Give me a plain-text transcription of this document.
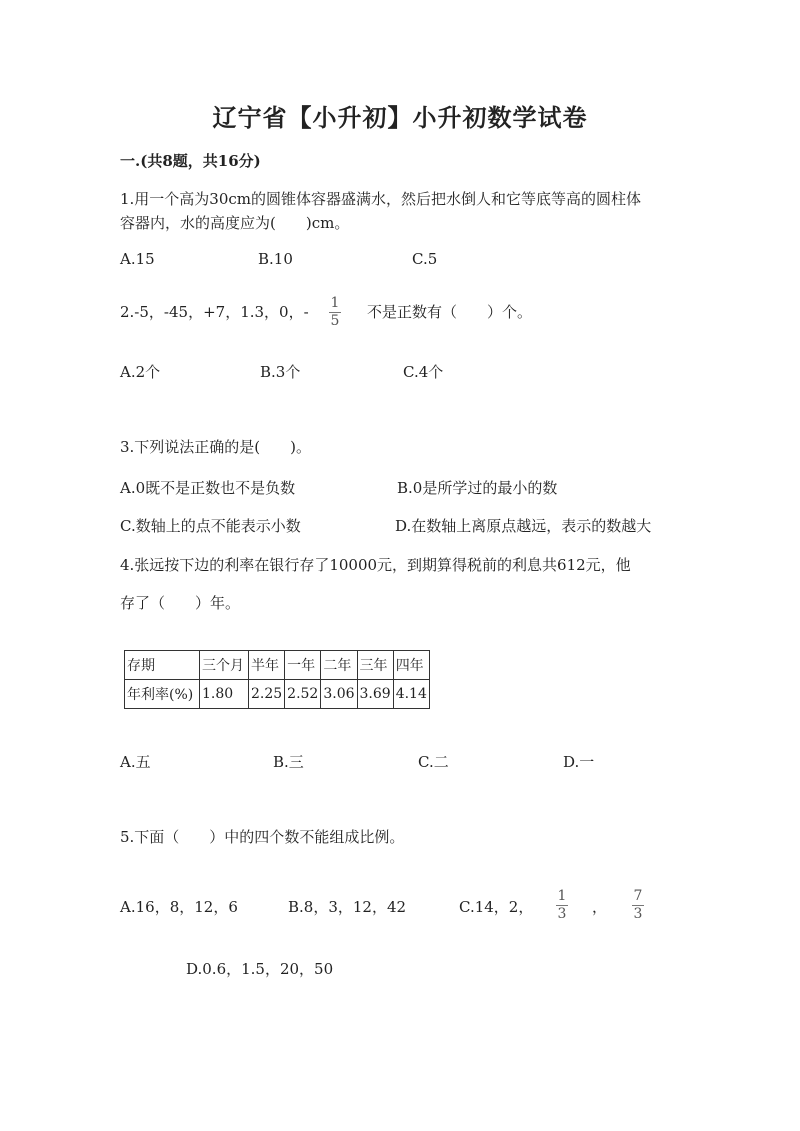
辽宁省【小升初】小升初数学试卷
一.(共8题，共16分)
1.用一个高为30cm的圆锥体容器盛满水，然后把水倒人和它等底等高的圆柱体
容器内，水的高度应为(　　)cm。
A.15	B.10	C.5
2.-5，-45，+7，1.3，0，- 1
5 不是正数有（　　）个。
A.2个	B.3个	C.4个
3.下列说法正确的是(　　)。
A.0既不是正数也不是负数	B.0是所学过的最小的数
C.数轴上的点不能表示小数	D.在数轴上离原点越远，表示的数越大
4.张远按下边的利率在银行存了10000元，到期算得税前的利息共612元，他
存了（　　）年。
存期	三个月	半年	一年	二年	三年	四年
年利率(%)	1.80	2.25	2.52	3.06	3.69	4.14
A.五	B.三	C.二	D.一
5.下面（　　）中的四个数不能组成比例。
A.16，8，12，6	B.8，3，12，42	C.14，2，
1
3 ，
7
3
D.0.6，1.5，20，50
